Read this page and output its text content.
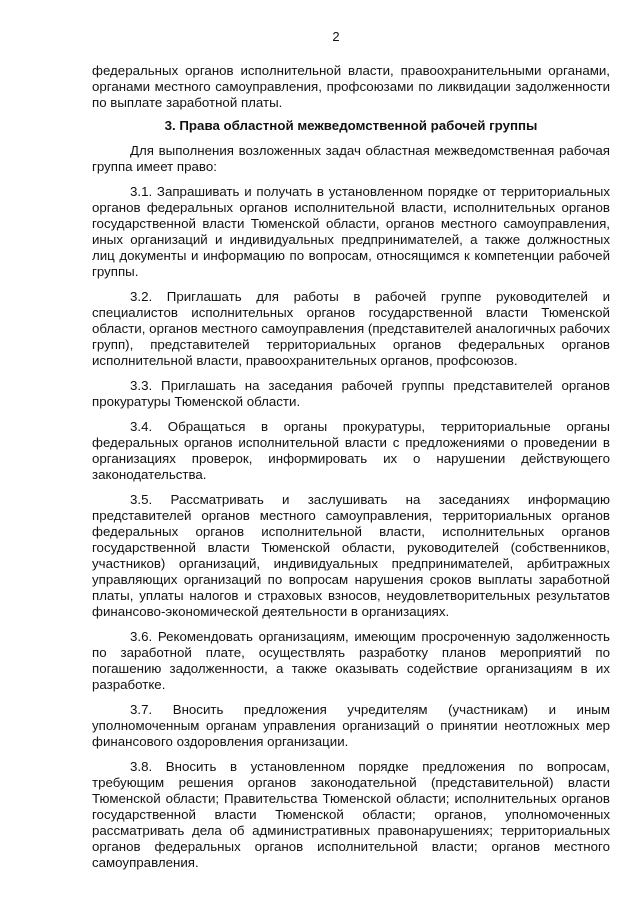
2

федеральных органов исполнительной власти, правоохранительными органами, органами местного самоуправления, профсоюзами по ликвидации задолженности по выплате заработной платы.

3. Права областной межведомственной рабочей группы

Для выполнения возложенных задач областная межведомственная рабочая группа имеет право:

3.1. Запрашивать и получать в установленном порядке от территориальных органов федеральных органов исполнительной власти, исполнительных органов государственной власти Тюменской области, органов местного самоуправления, иных организаций и индивидуальных предпринимателей, а также должностных лиц документы и информацию по вопросам, относящимся к компетенции рабочей группы.

3.2. Приглашать для работы в рабочей группе руководителей и специалистов исполнительных органов государственной власти Тюменской области, органов местного самоуправления (представителей аналогичных рабочих групп), представителей территориальных органов федеральных органов исполнительной власти, правоохранительных органов, профсоюзов.

3.3. Приглашать на заседания рабочей группы представителей органов прокуратуры Тюменской области.

3.4. Обращаться в органы прокуратуры, территориальные органы федеральных органов исполнительной власти с предложениями о проведении в организациях проверок, информировать их о нарушении действующего законодательства.

3.5. Рассматривать и заслушивать на заседаниях информацию представителей органов местного самоуправления, территориальных органов федеральных органов исполнительной власти, исполнительных органов государственной власти Тюменской области, руководителей (собственников, участников) организаций, индивидуальных предпринимателей, арбитражных управляющих организаций по вопросам нарушения сроков выплаты заработной платы, уплаты налогов и страховых взносов, неудовлетворительных результатов финансово-экономической деятельности в организациях.

3.6. Рекомендовать организациям, имеющим просроченную задолженность по заработной плате, осуществлять разработку планов мероприятий по погашению задолженности, а также оказывать содействие организациям в их разработке.

3.7. Вносить предложения учредителям (участникам) и иным уполномоченным органам управления организаций о принятии неотложных мер финансового оздоровления организации.

3.8. Вносить в установленном порядке предложения по вопросам, требующим решения органов законодательной (представительной) власти Тюменской области; Правительства Тюменской области; исполнительных органов государственной власти Тюменской области; органов, уполномоченных рассматривать дела об административных правонарушениях; территориальных органов федеральных органов исполнительной власти; органов местного самоуправления.
